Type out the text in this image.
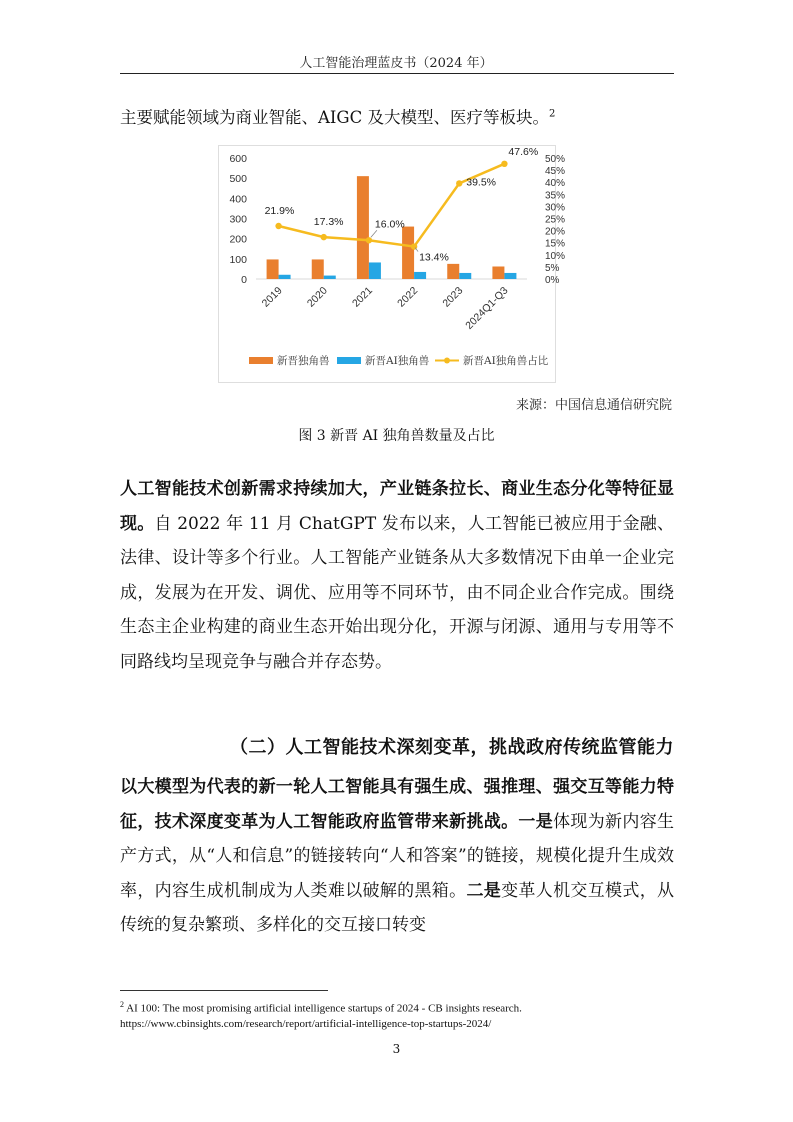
人工智能治理蓝皮书（2024 年）
主要赋能领域为商业智能、AIGC 及大模型、医疗等板块。$^2$
0
100
200
300
400
500
600
0%
5%
10%
15%
20%
25%
30%
35%
40%
45%
50%
2019 2020 2021 2022 2023
2024Q1-Q3
21.9%
17.3%	16.0%
13.4%
39.5%
47.6%
新晋独角兽	新晋AI独角兽	新晋AI独角兽占比
来源：中国信息通信研究院
图 3 新晋 AI 独角兽数量及占比

人工智能技术创新需求持续加大，产业链条拉长、商业生态分化等特征显现。自 2022 年 11 月 ChatGPT 发布以来，人工智能已被应用于金融、法律、设计等多个行业。人工智能产业链条从大多数情况下由单一企业完成，发展为在开发、调优、应用等不同环节，由不同企业合作完成。围绕生态主企业构建的商业生态开始出现分化，开源与闭源、通用与专用等不同路线均呈现竞争与融合并存态势。

（二）人工智能技术深刻变革，挑战政府传统监管能力

以大模型为代表的新一轮人工智能具有强生成、强推理、强交互等能力特征，技术深度变革为人工智能政府监管带来新挑战。一是体现为新内容生产方式，从“人和信息”的链接转向“人和答案”的链接，规模化提升生成效率，内容生成机制成为人类难以破解的黑箱。二是变革人机交互模式，从传统的复杂繁琐、多样化的交互接口转变

$^2$ AI 100: The most promising artificial intelligence startups of 2024 - CB insights research.
https://www.cbinsights.com/research/report/artificial-intelligence-top-startups-2024/
3
